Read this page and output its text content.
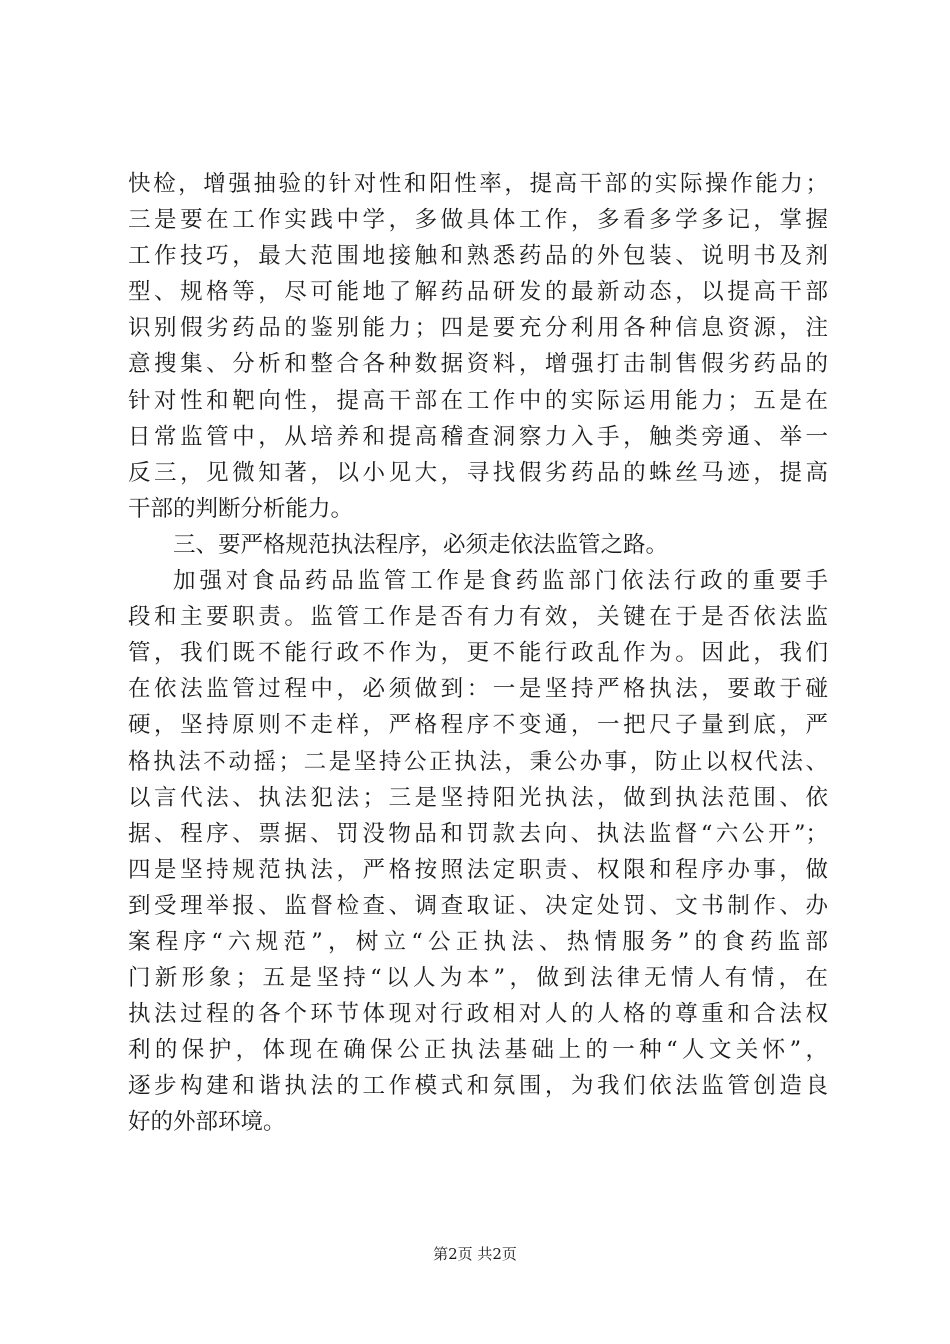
快检，增强抽验的针对性和阳性率，提高干部的实际操作能力；
三是要在工作实践中学，多做具体工作，多看多学多记，掌握
工作技巧，最大范围地接触和熟悉药品的外包装、说明书及剂
型、规格等，尽可能地了解药品研发的最新动态，以提高干部
识别假劣药品的鉴别能力；四是要充分利用各种信息资源，注
意搜集、分析和整合各种数据资料，增强打击制售假劣药品的
针对性和靶向性，提高干部在工作中的实际运用能力；五是在
日常监管中，从培养和提高稽查洞察力入手，触类旁通、举一
反三，见微知著，以小见大，寻找假劣药品的蛛丝马迹，提高
干部的判断分析能力。
三、要严格规范执法程序，必须走依法监管之路。
加强对食品药品监管工作是食药监部门依法行政的重要手
段和主要职责。监管工作是否有力有效，关键在于是否依法监
管，我们既不能行政不作为，更不能行政乱作为。因此，我们
在依法监管过程中，必须做到：一是坚持严格执法，要敢于碰
硬，坚持原则不走样，严格程序不变通，一把尺子量到底，严
格执法不动摇；二是坚持公正执法，秉公办事，防止以权代法、
以言代法、执法犯法；三是坚持阳光执法，做到执法范围、依
据、程序、票据、罚没物品和罚款去向、执法监督“六公开”；
四是坚持规范执法，严格按照法定职责、权限和程序办事，做
到受理举报、监督检查、调查取证、决定处罚、文书制作、办
案程序“六规范”，树立“公正执法、热情服务”的食药监部
门新形象；五是坚持“以人为本”，做到法律无情人有情，在
执法过程的各个环节体现对行政相对人的人格的尊重和合法权
利的保护，体现在确保公正执法基础上的一种“人文关怀”，
逐步构建和谐执法的工作模式和氛围，为我们依法监管创造良
好的外部环境。
第2页 共2页
